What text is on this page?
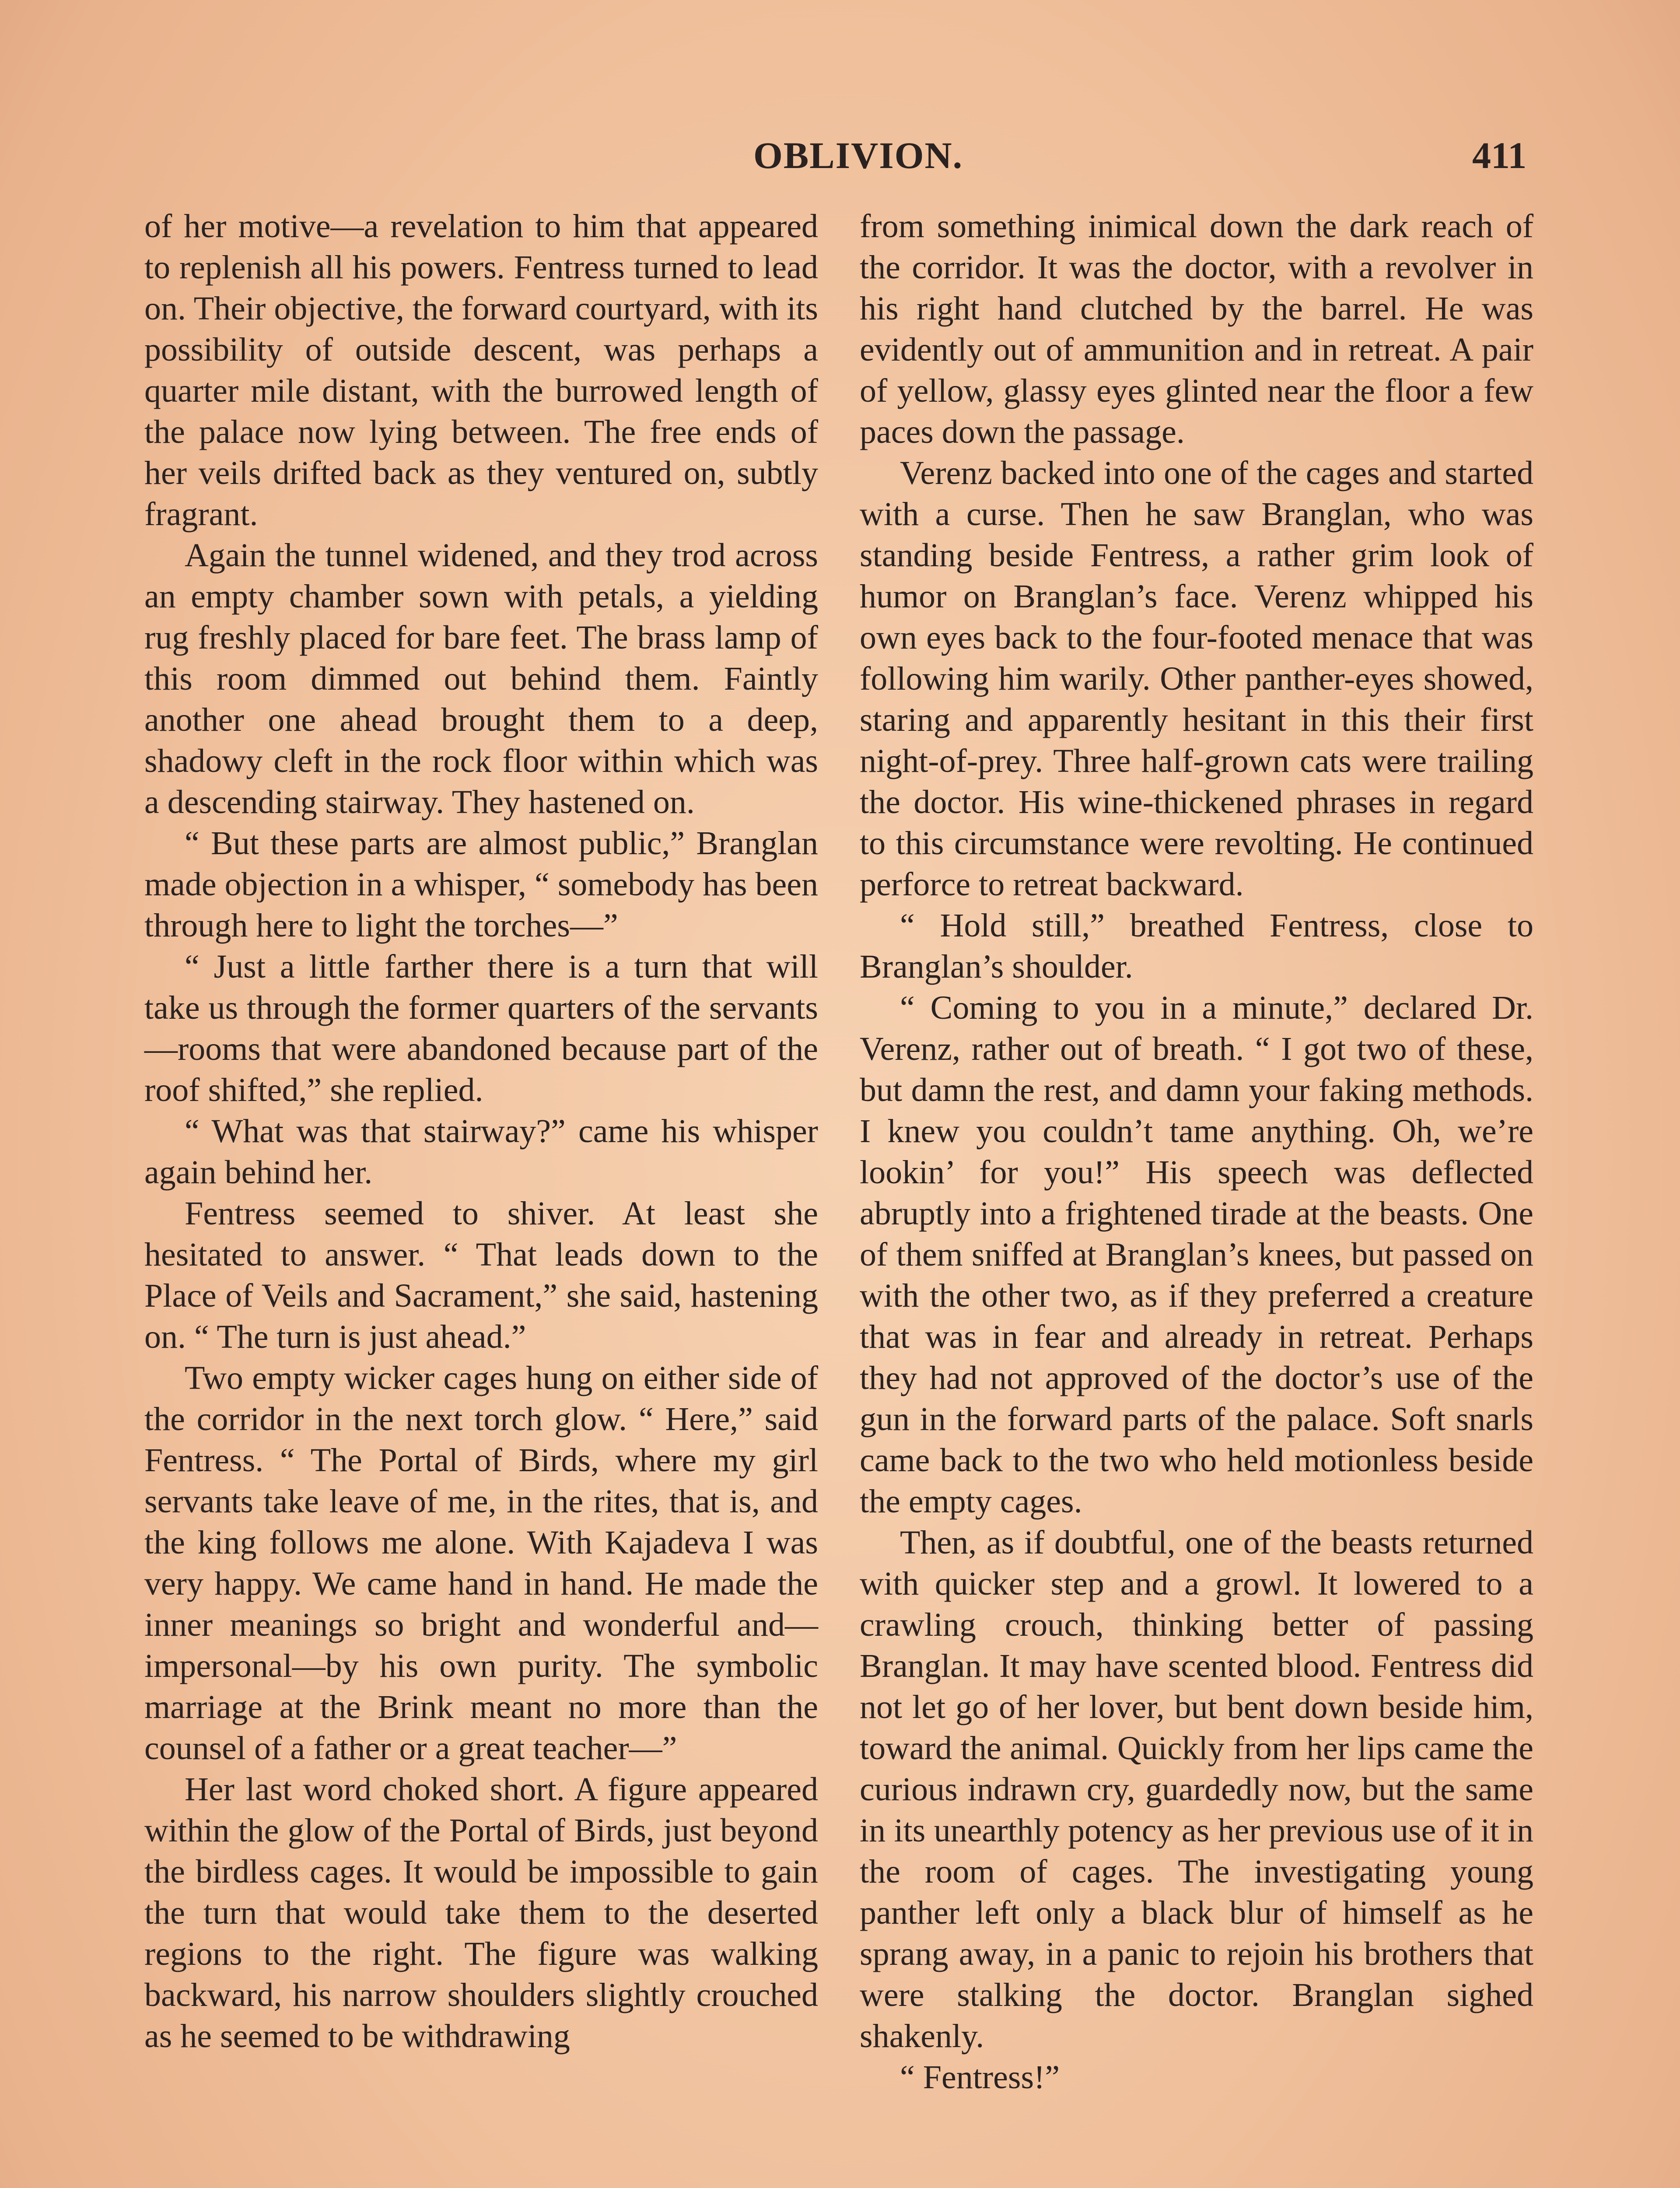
OBLIVION.	411

of her motive—a revelation to him that appeared to replenish all his powers. Fentress turned to lead on. Their objective, the forward courtyard, with its possibility of outside descent, was perhaps a quarter mile distant, with the burrowed length of the palace now lying between. The free ends of her veils drifted back as they ventured on, subtly fragrant.

Again the tunnel widened, and they trod across an empty chamber sown with petals, a yielding rug freshly placed for bare feet. The brass lamp of this room dimmed out behind them. Faintly another one ahead brought them to a deep, shadowy cleft in the rock floor within which was a descending stairway. They hastened on.

“ But these parts are almost public,” Branglan made objection in a whisper, “ somebody has been through here to light the torches—”

“ Just a little farther there is a turn that will take us through the former quarters of the servants—rooms that were abandoned because part of the roof shifted,” she replied.

“ What was that stairway?” came his whisper again behind her.

Fentress seemed to shiver. At least she hesitated to answer. “ That leads down to the Place of Veils and Sacrament,” she said, hastening on. “ The turn is just ahead.”

Two empty wicker cages hung on either side of the corridor in the next torch glow. “ Here,” said Fentress. “ The Portal of Birds, where my girl servants take leave of me, in the rites, that is, and the king follows me alone. With Kajadeva I was very happy. We came hand in hand. He made the inner meanings so bright and wonderful and—impersonal—by his own purity. The symbolic marriage at the Brink meant no more than the counsel of a father or a great teacher—”

Her last word choked short. A figure appeared within the glow of the Portal of Birds, just beyond the birdless cages. It would be impossible to gain the turn that would take them to the deserted regions to the right. The figure was walking backward, his narrow shoulders slightly crouched as he seemed to be withdrawing

from something inimical down the dark reach of the corridor. It was the doctor, with a revolver in his right hand clutched by the barrel. He was evidently out of ammunition and in retreat. A pair of yellow, glassy eyes glinted near the floor a few paces down the passage.

Verenz backed into one of the cages and started with a curse. Then he saw Branglan, who was standing beside Fentress, a rather grim look of humor on Branglan’s face. Verenz whipped his own eyes back to the four-footed menace that was following him warily. Other panther-eyes showed, staring and apparently hesitant in this their first night-of-prey. Three half-grown cats were trailing the doctor. His wine-thickened phrases in regard to this circumstance were revolting. He continued perforce to retreat backward.

“ Hold still,” breathed Fentress, close to Branglan’s shoulder.

“ Coming to you in a minute,” declared Dr. Verenz, rather out of breath. “ I got two of these, but damn the rest, and damn your faking methods. I knew you couldn’t tame anything. Oh, we’re lookin’ for you!” His speech was deflected abruptly into a frightened tirade at the beasts. One of them sniffed at Branglan’s knees, but passed on with the other two, as if they preferred a creature that was in fear and already in retreat. Perhaps they had not approved of the doctor’s use of the gun in the forward parts of the palace. Soft snarls came back to the two who held motionless beside the empty cages.

Then, as if doubtful, one of the beasts returned with quicker step and a growl. It lowered to a crawling crouch, thinking better of passing Branglan. It may have scented blood. Fentress did not let go of her lover, but bent down beside him, toward the animal. Quickly from her lips came the curious indrawn cry, guardedly now, but the same in its unearthly potency as her previous use of it in the room of cages. The investigating young panther left only a black blur of himself as he sprang away, in a panic to rejoin his brothers that were stalking the doctor. Branglan sighed shakenly.

“ Fentress!”
